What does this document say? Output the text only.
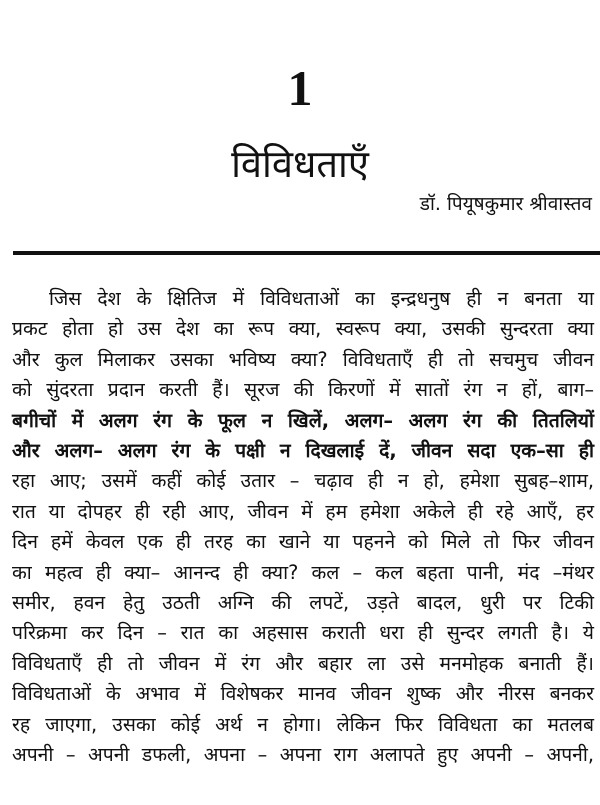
1
विविधताएँ
डॉ. पियूषकुमार श्रीवास्तव
जिस देश के क्षितिज में विविधताओं का इन्द्रधनुष ही न बनता या
प्रकट होता हो उस देश का रूप क्या, स्वरूप क्या, उसकी सुन्दरता क्या
और कुल मिलाकर उसका भविष्य क्या? विविधताएँ ही तो सचमुच जीवन
को सुंदरता प्रदान करती हैं। सूरज की किरणों में सातों रंग न हों, बाग–
बगीचों में अलग रंग के फूल न खिलें, अलग– अलग रंग की तितलियों
और अलग– अलग रंग के पक्षी न दिखलाई दें, जीवन सदा एक–सा ही
रहा आए; उसमें कहीं कोई उतार – चढ़ाव ही न हो, हमेशा सुबह–शाम,
रात या दोपहर ही रही आए, जीवन में हम हमेशा अकेले ही रहे आएँ, हर
दिन हमें केवल एक ही तरह का खाने या पहनने को मिले तो फिर जीवन
का महत्व ही क्या– आनन्द ही क्या? कल – कल बहता पानी, मंद –मंथर
समीर, हवन हेतु उठती अग्नि की लपटें, उड़ते बादल, धुरी पर टिकी
परिक्रमा कर दिन – रात का अहसास कराती धरा ही सुन्दर लगती है। ये
विविधताएँ ही तो जीवन में रंग और बहार ला उसे मनमोहक बनाती हैं।
विविधताओं के अभाव में विशेषकर मानव जीवन शुष्क और नीरस बनकर
रह जाएगा, उसका कोई अर्थ न होगा। लेकिन फिर विविधता का मतलब
अपनी – अपनी डफली, अपना – अपना राग अलापते हुए अपनी – अपनी,
